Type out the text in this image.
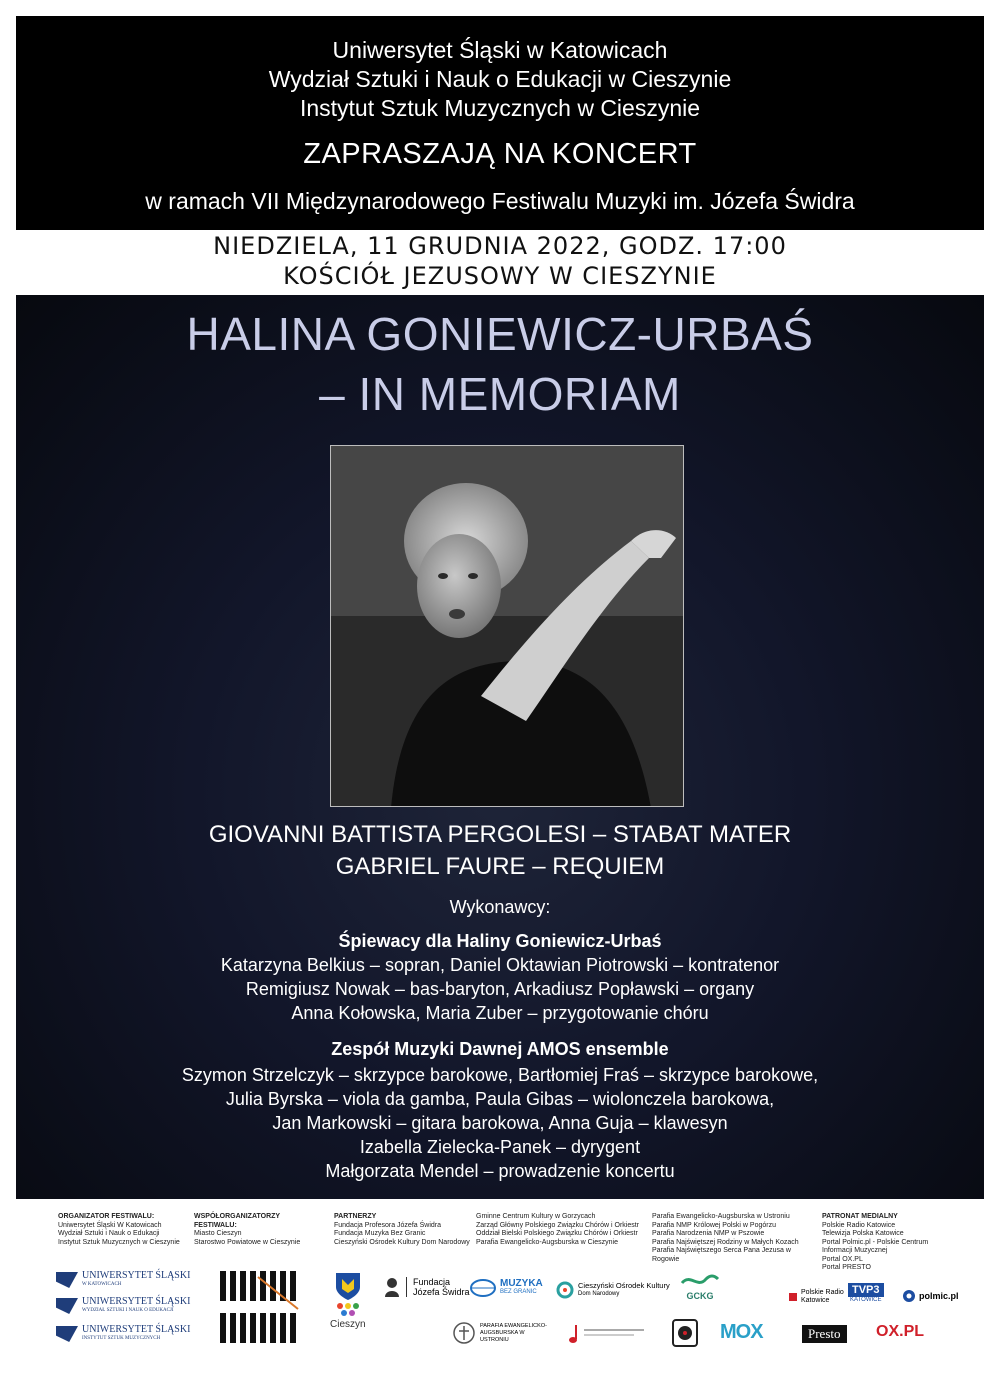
Uniwersytet Śląski w Katowicach
Wydział Sztuki i Nauk o Edukacji w Cieszynie
Instytut Sztuk Muzycznych w Cieszynie
ZAPRASZAJĄ NA KONCERT
w ramach VII Międzynarodowego Festiwalu Muzyki im. Józefa Świdra
NIEDZIELA, 11 GRUDNIA 2022, GODZ. 17:00
KOŚCIÓŁ JEZUSOWY W CIESZYNIE
HALINA GONIEWICZ-URBAŚ
– IN MEMORIAM
GIOVANNI BATTISTA PERGOLESI – STABAT MATER
GABRIEL FAURE – REQUIEM
Wykonawcy:
Śpiewacy dla Haliny Goniewicz-Urbaś
Katarzyna Belkius – sopran, Daniel Oktawian Piotrowski – kontratenor
Remigiusz Nowak – bas-baryton, Arkadiusz Popławski – organy
Anna Kołowska, Maria Zuber – przygotowanie chóru
Zespół Muzyki Dawnej AMOS ensemble
Szymon Strzelczyk – skrzypce barokowe, Bartłomiej Fraś – skrzypce barokowe,
Julia Byrska – viola da gamba, Paula Gibas – wiolonczela barokowa,
Jan Markowski – gitara barokowa, Anna Guja – klawesyn
Izabella Zielecka-Panek – dyrygent
Małgorzata Mendel – prowadzenie koncertu
ORGANIZATOR FESTIWALU:
Uniwersytet Śląski W Katowicach
Wydział Sztuki i Nauk o Edukacji
Instytut Sztuk Muzycznych w Cieszynie
WSPÓŁORGANIZATORZY FESTIWALU:
Miasto Cieszyn
Starostwo Powiatowe w Cieszynie
PARTNERZY
Fundacja Profesora Józefa Świdra
Fundacja Muzyka Bez Granic
Cieszyński Ośrodek Kultury Dom Narodowy
Gminne Centrum Kultury w Gorzycach
Zarząd Główny Polskiego Związku Chórów i Orkiestr
Oddział Bielski Polskiego Związku Chórów i Orkiestr
Parafia Ewangelicko-Augsburska w Cieszynie
Parafia Ewangelicko-Augsburska w Ustroniu
Parafia NMP Królowej Polski w Pogórzu
Parafia Narodzenia NMP w Pszowie
Parafia Najświętszej Rodziny w Małych Kozach
Parafia Najświętszego Serca Pana Jezusa w Rogowie
PATRONAT MEDIALNY
Polskie Radio Katowice
Telewizja Polska Katowice
Portal Polmic.pl - Polskie Centrum
Informacji Muzycznej
Portal OX.PL
Portal PRESTO
UNIWERSYTET ŚLĄSKI
W KATOWICACH
UNIWERSYTET ŚLĄSKI
WYDZIAŁ SZTUKI I NAUK O EDUKACJI
UNIWERSYTET ŚLĄSKI
INSTYTUT SZTUK MUZYCZNYCH
Cieszyn
Fundacja
Józefa Świdra
MUZYKA
BEZ GRANIC
Cieszyński Ośrodek Kultury
Dom Narodowy	GCKG	Polskie Radio Katowice
TVP3
KATOWICE	polmic.pl
PARAFIA EWANGELICKO-AUGSBURSKA W USTRONIU	MOX	Presto	OX.PL
